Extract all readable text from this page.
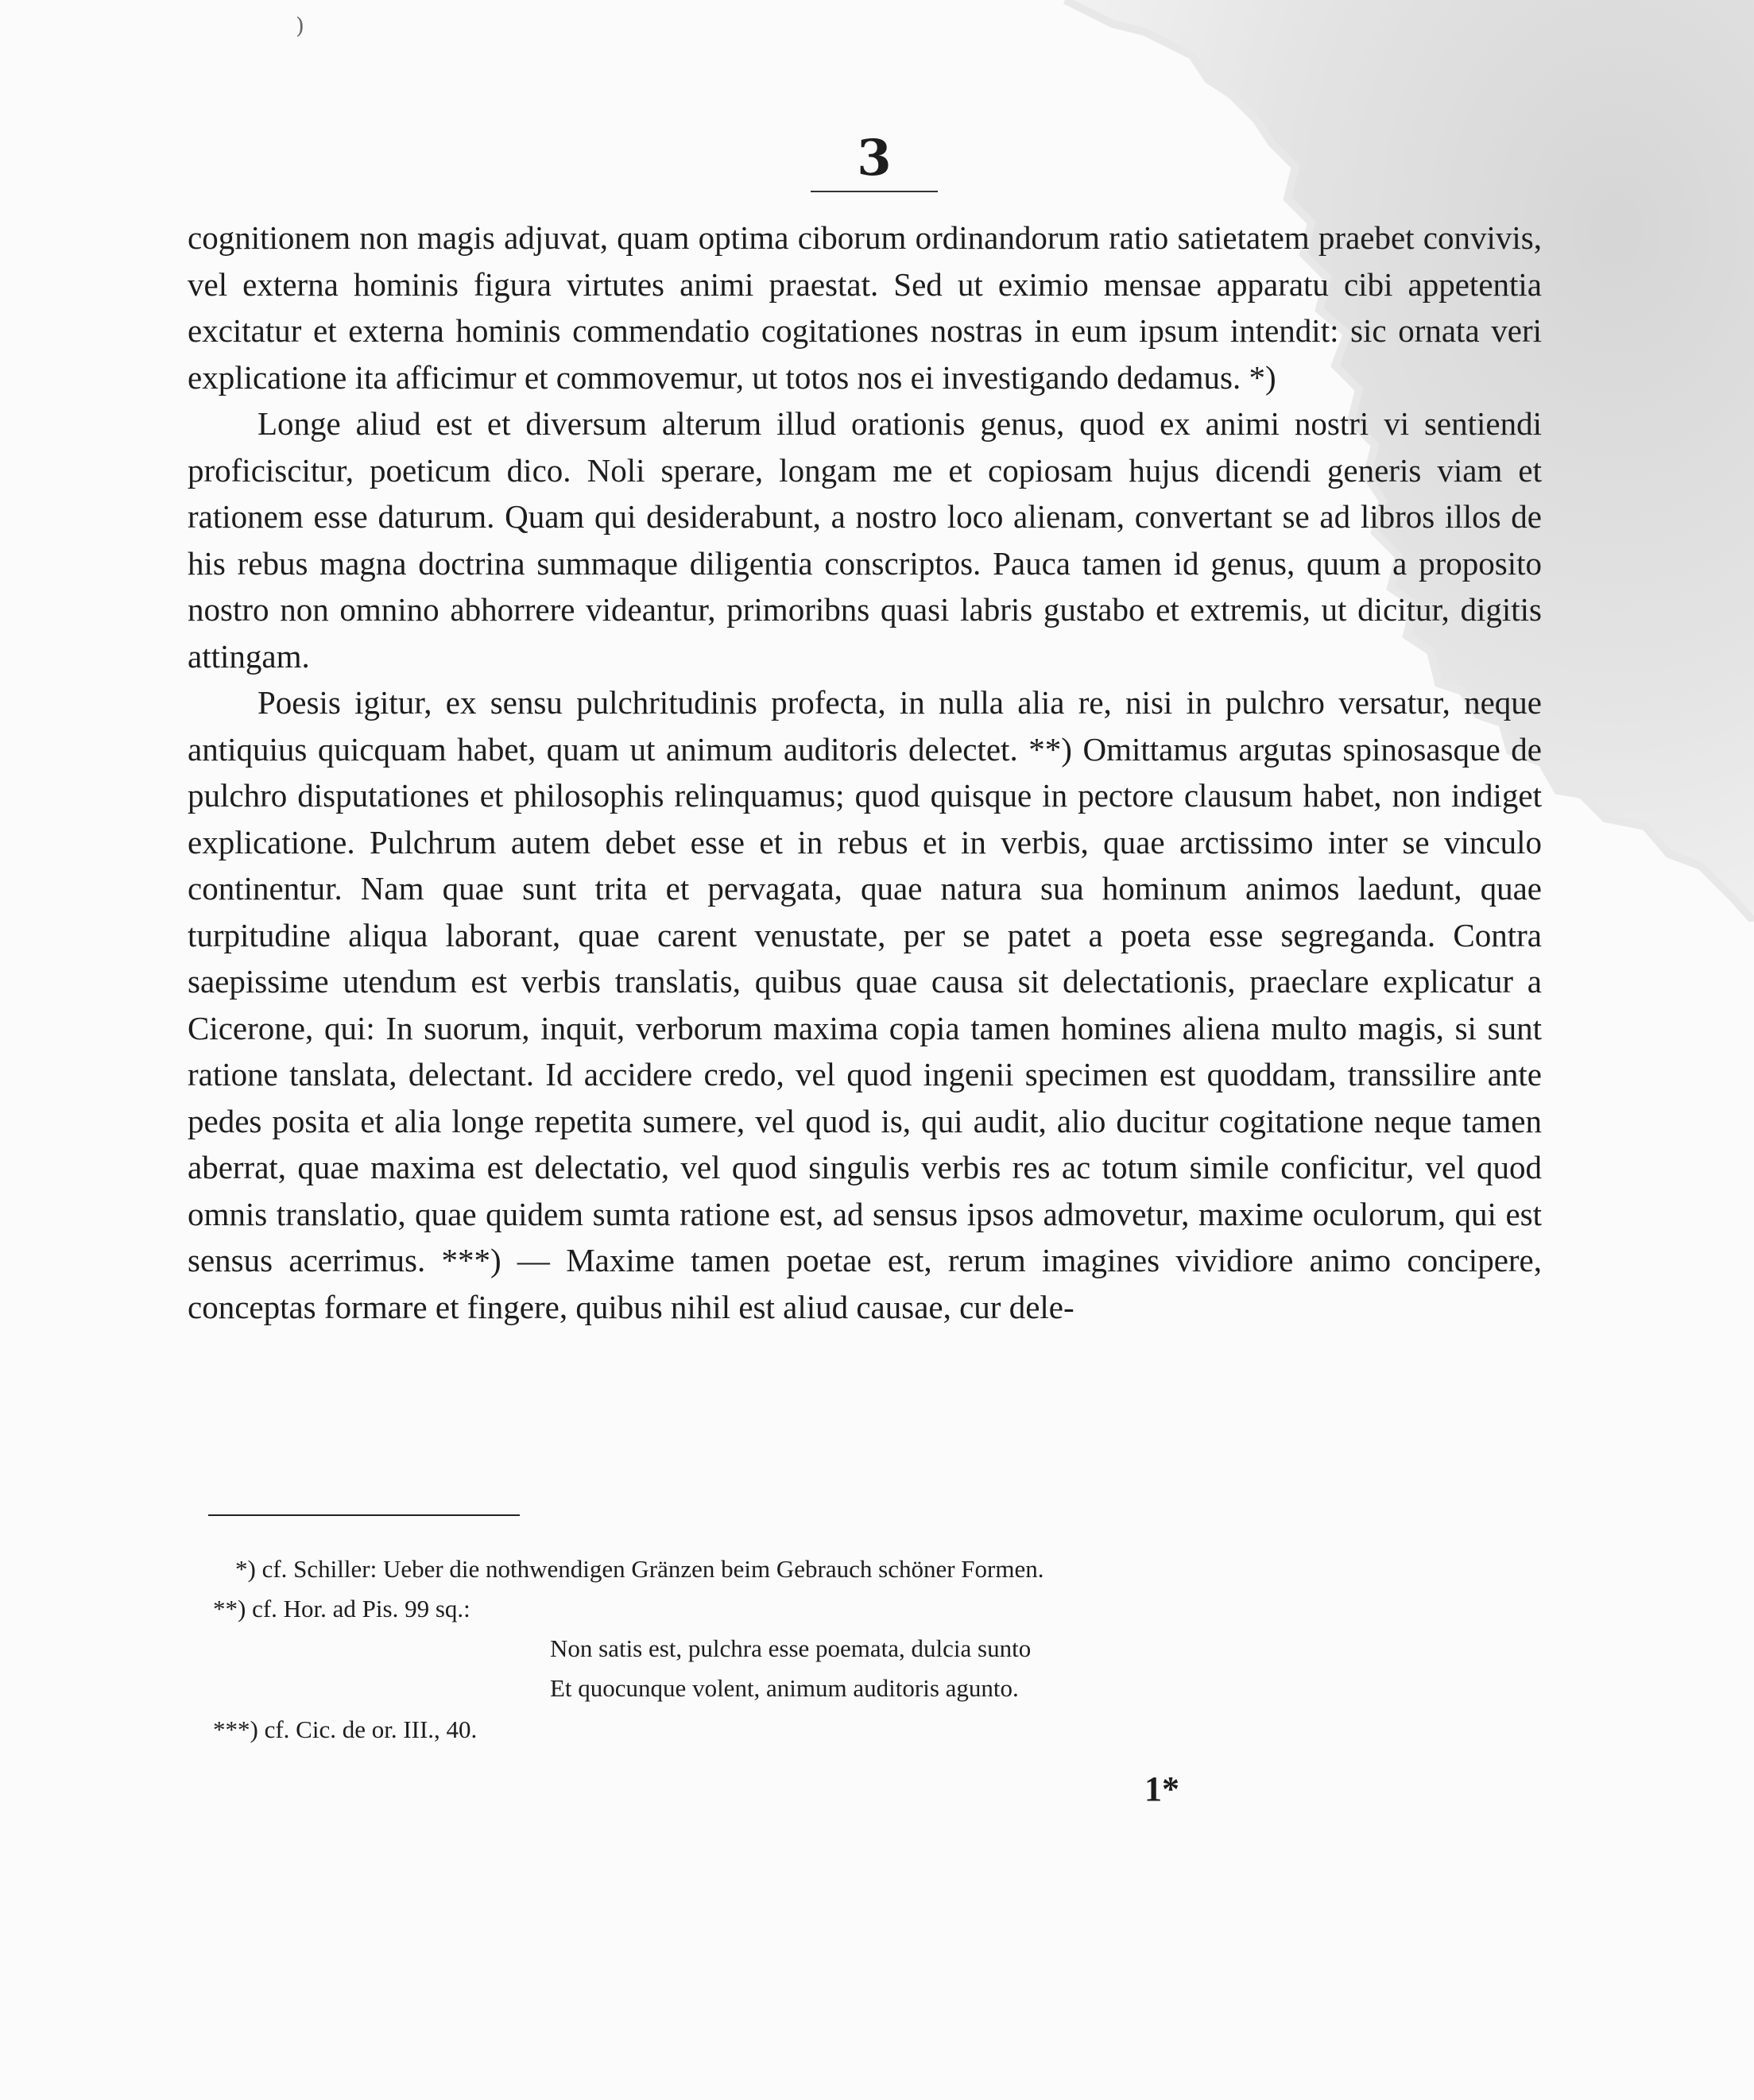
)
3

cognitionem non magis adjuvat, quam optima ciborum ordinandorum ratio satietatem praebet convivis, vel externa hominis figura virtutes animi praestat. Sed ut eximio mensae apparatu cibi appetentia excitatur et externa hominis commendatio cogitationes nostras in eum ipsum intendit: sic ornata veri explicatione ita afficimur et commovemur, ut totos nos ei investigando dedamus. *)

Longe aliud est et diversum alterum illud orationis genus, quod ex animi nostri vi sentiendi proficiscitur, poeticum dico. Noli sperare, longam me et copiosam hujus dicendi generis viam et rationem esse daturum. Quam qui desiderabunt, a nostro loco alienam, convertant se ad libros illos de his rebus magna doctrina summaque diligentia conscriptos. Pauca tamen id genus, quum a proposito nostro non omnino abhorrere videantur, primoribns quasi labris gustabo et extremis, ut dicitur, digitis attingam.

Poesis igitur, ex sensu pulchritudinis profecta, in nulla alia re, nisi in pulchro versatur, neque antiquius quicquam habet, quam ut animum auditoris delectet. **) Omittamus argutas spinosasque de pulchro disputationes et philosophis relinquamus; quod quisque in pectore clausum habet, non indiget explicatione. Pulchrum autem debet esse et in rebus et in verbis, quae arctissimo inter se vinculo continentur. Nam quae sunt trita et pervagata, quae natura sua hominum animos laedunt, quae turpitudine aliqua laborant, quae carent venustate, per se patet a poeta esse segreganda. Contra saepissime utendum est verbis translatis, quibus quae causa sit delectationis, praeclare explicatur a Cicerone, qui: In suorum, inquit, verborum maxima copia tamen homines aliena multo magis, si sunt ratione tanslata, delectant. Id accidere credo, vel quod ingenii specimen est quoddam, transsilire ante pedes posita et alia longe repetita sumere, vel quod is, qui audit, alio ducitur cogitatione neque tamen aberrat, quae maxima est delectatio, vel quod singulis verbis res ac totum simile conficitur, vel quod omnis translatio, quae quidem sumta ratione est, ad sensus ipsos admovetur, maxime oculorum, qui est sensus acerrimus. ***) — Maxime tamen poetae est, rerum imagines vividiore animo concipere, conceptas formare et fingere, quibus nihil est aliud causae, cur dele-

*) cf. Schiller: Ueber die nothwendigen Gränzen beim Gebrauch schöner Formen.

**) cf. Hor. ad Pis. 99 sq.:

Non satis est, pulchra esse poemata, dulcia sunto

Et quocunque volent, animum auditoris agunto.

***) cf. Cic. de or. III., 40.

1*
